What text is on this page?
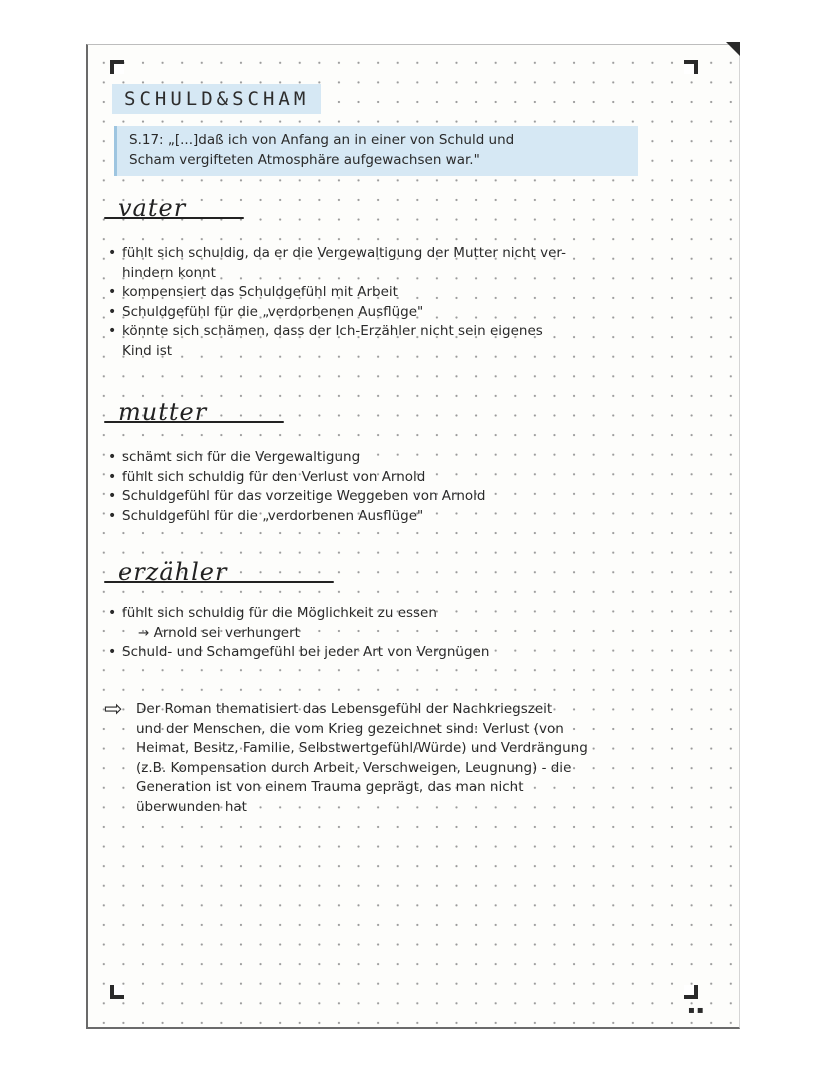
▪▪
SCHULD&SCHAM
S.17: „[...]daß ich von Anfang an in einer von Schuld und
Scham vergifteten Atmosphäre aufgewachsen war."
vater
• fühlt sich schuldig, da er die Vergewaltigung der Mutter nicht ver-
hindern konnt
• kompensiert das Schuldgefühl mit Arbeit
• Schuldgefühl für die „verdorbenen Ausflüge"
• könnte sich schämen, dass der Ich-Erzähler nicht sein eigenes
Kind ist
mutter
• schämt sich für die Vergewaltigung
• fühlt sich schuldig für den Verlust von Arnold
• Schuldgefühl für das vorzeitige Weggeben von Arnold
• Schuldgefühl für die „verdorbenen Ausflüge"
erzähler
• fühlt sich schuldig für die Möglichkeit zu essen
→ Arnold sei verhungert
• Schuld- und Schamgefühl bei jeder Art von Vergnügen
⇨ Der Roman thematisiert das Lebensgefühl der Nachkriegszeit
und der Menschen, die vom Krieg gezeichnet sind: Verlust (von
Heimat, Besitz, Familie, Selbstwertgefühl/Würde) und Verdrängung
(z.B. Kompensation durch Arbeit, Verschweigen, Leugnung) - die
Generation ist von einem Trauma geprägt, das man nicht
überwunden hat
